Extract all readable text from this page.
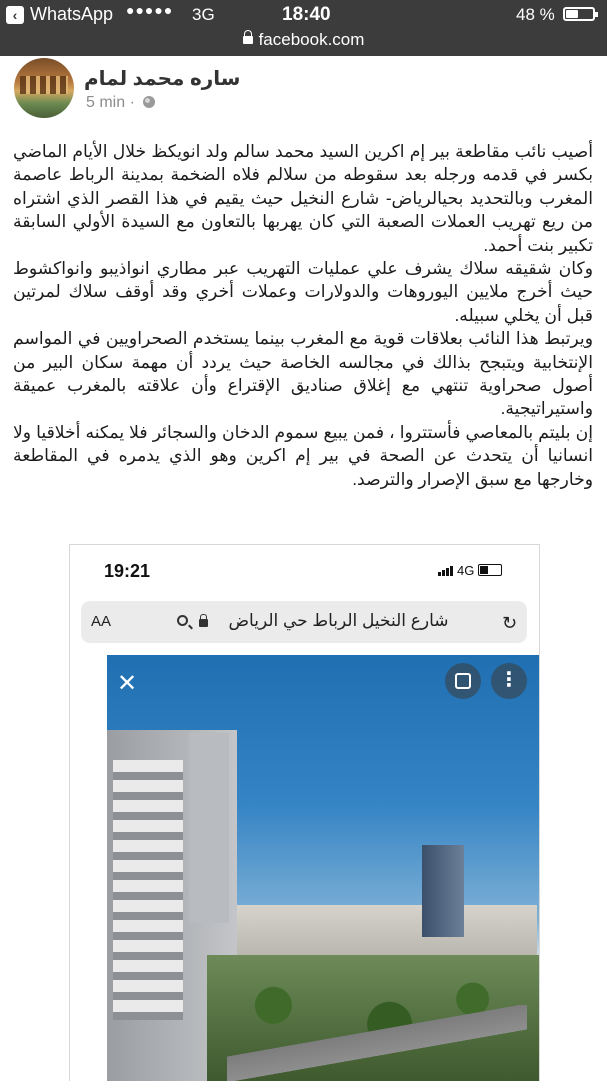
‹ WhatsApp ●●●●● 3G	18:40	48 %
facebook.com
ساره محمد لمام
5 min ·

أصيب نائب مقاطعة بير إم اكرين السيد محمد سالم ولد انويكظ خلال الأيام الماضي بكسر في قدمه ورجله بعد سقوطه من سلالم فلاه الضخمة بمدينة الرباط عاصمة المغرب وبالتحديد بحيالرياض- شارع النخيل حيث يقيم في هذا القصر الذي اشتراه من ريع تهريب العملات الصعبة التي كان يهربها بالتعاون مع السيدة الأولي السابقة تكبير بنت أحمد.

وكان شقيقه سلاك يشرف علي عمليات التهريب عبر مطاري انواذيبو وانواكشوط حيث أخرج ملايين اليوروهات والدولارات وعملات أخري وقد أوقف سلاك لمرتين قبل أن يخلي سبيله.

ويرتبط هذا النائب بعلاقات قوية مع المغرب بينما يستخدم الصحراويين في المواسم الإنتخابية ويتبجح بذالك في مجالسه الخاصة حيث يردد أن مهمة سكان البير من أصول صحراوية تنتهي مع إغلاق صناديق الإقتراع وأن علاقته بالمغرب عميقة واستيراتيجية.

إن بليتم بالمعاصي فأستتروا ، فمن يبيع سموم الدخان والسجائر فلا يمكنه أخلاقيا ولا انسانيا أن يتحدث عن الصحة في بير إم اكرين وهو الذي يدمره في المقاطعة وخارجها مع سبق الإصرار والترصد.

19:21	4G
AA	شارع النخيل الرباط حي الرياض	↻
✕	⋮
